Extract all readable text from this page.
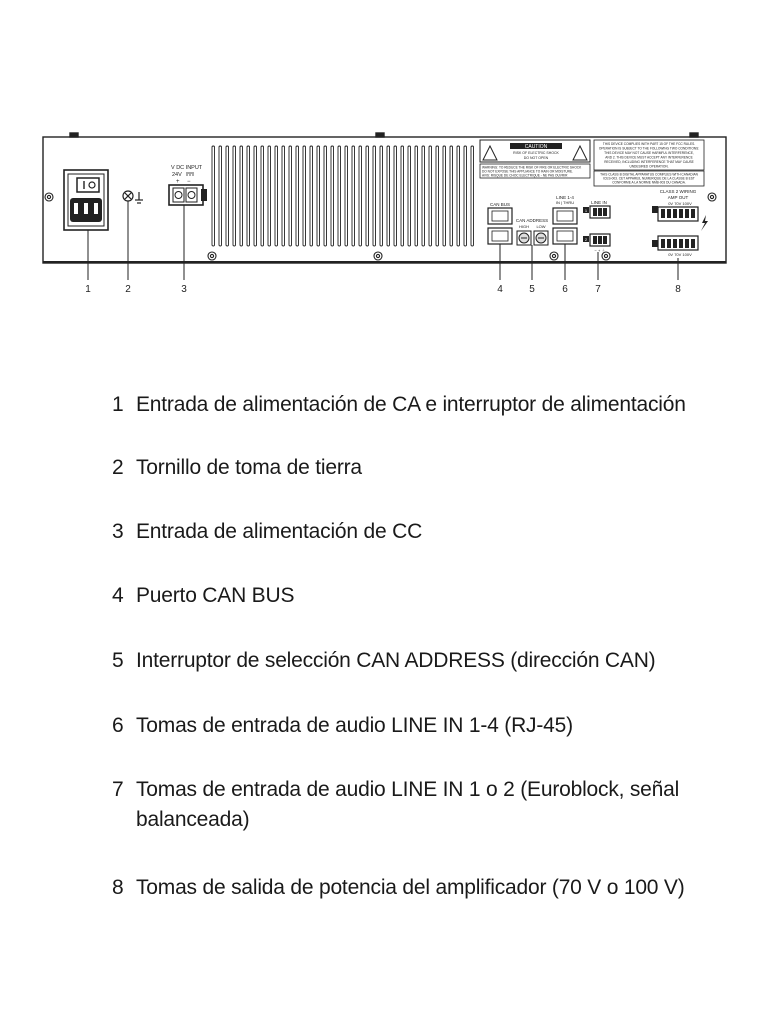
V DC INPUT
24V
+ −
CAUTION
RISK OF ELECTRIC SHOCK
DO NOT OPEN
WARNING: TO REDUCE THE RISK OF FIRE OR ELECTRIC SHOCK
DO NOT EXPOSE THIS APPLIANCE TO RAIN OR MOISTURE.
AVIS: RISQUE DE CHOC ELECTRIQUE - NE PAS OUVRIR
THIS DEVICE COMPLIES WITH PART 15 OF THE FCC RULES.
OPERATION IS SUBJECT TO THE FOLLOWING TWO CONDITIONS:
THIS DEVICE MAY NOT CAUSE HARMFUL INTERFERENCE,
AND 2. THIS DEVICE MUST ACCEPT ANY INTERFERENCE
RECEIVED, INCLUDING INTERFERENCE THAT MAY CAUSE
UNDESIRED OPERATION.
THIS CLASS B DIGITAL APPARATUS COMPLIES WITH CANADIAN
ICES-003. CET APPAREIL NUMERIQUE DE LA CLASSE B EST
CONFORME A LA NORME NMB-003 DU CANADA.
CAN BUS
CAN ADDRESS
HIGH LOW
LINE 1-4
IN | THRU	LINE IN
1
2
− + ⏚
CLASS 2 WIRING
AMP OUT
0V 70V 100V
0V 70V 100V
1	2	3	4	5	6	7	8
1 Entrada de alimentación de CA e interruptor de alimentación
2 Tornillo de toma de tierra
3 Entrada de alimentación de CC
4 Puerto CAN BUS
5 Interruptor de selección CAN ADDRESS (dirección CAN)
6 Tomas de entrada de audio LINE IN 1-4 (RJ-45)
7 Tomas de entrada de audio LINE IN 1 o 2 (Euroblock, señal balanceada)
8 Tomas de salida de potencia del amplificador (70 V o 100 V)
